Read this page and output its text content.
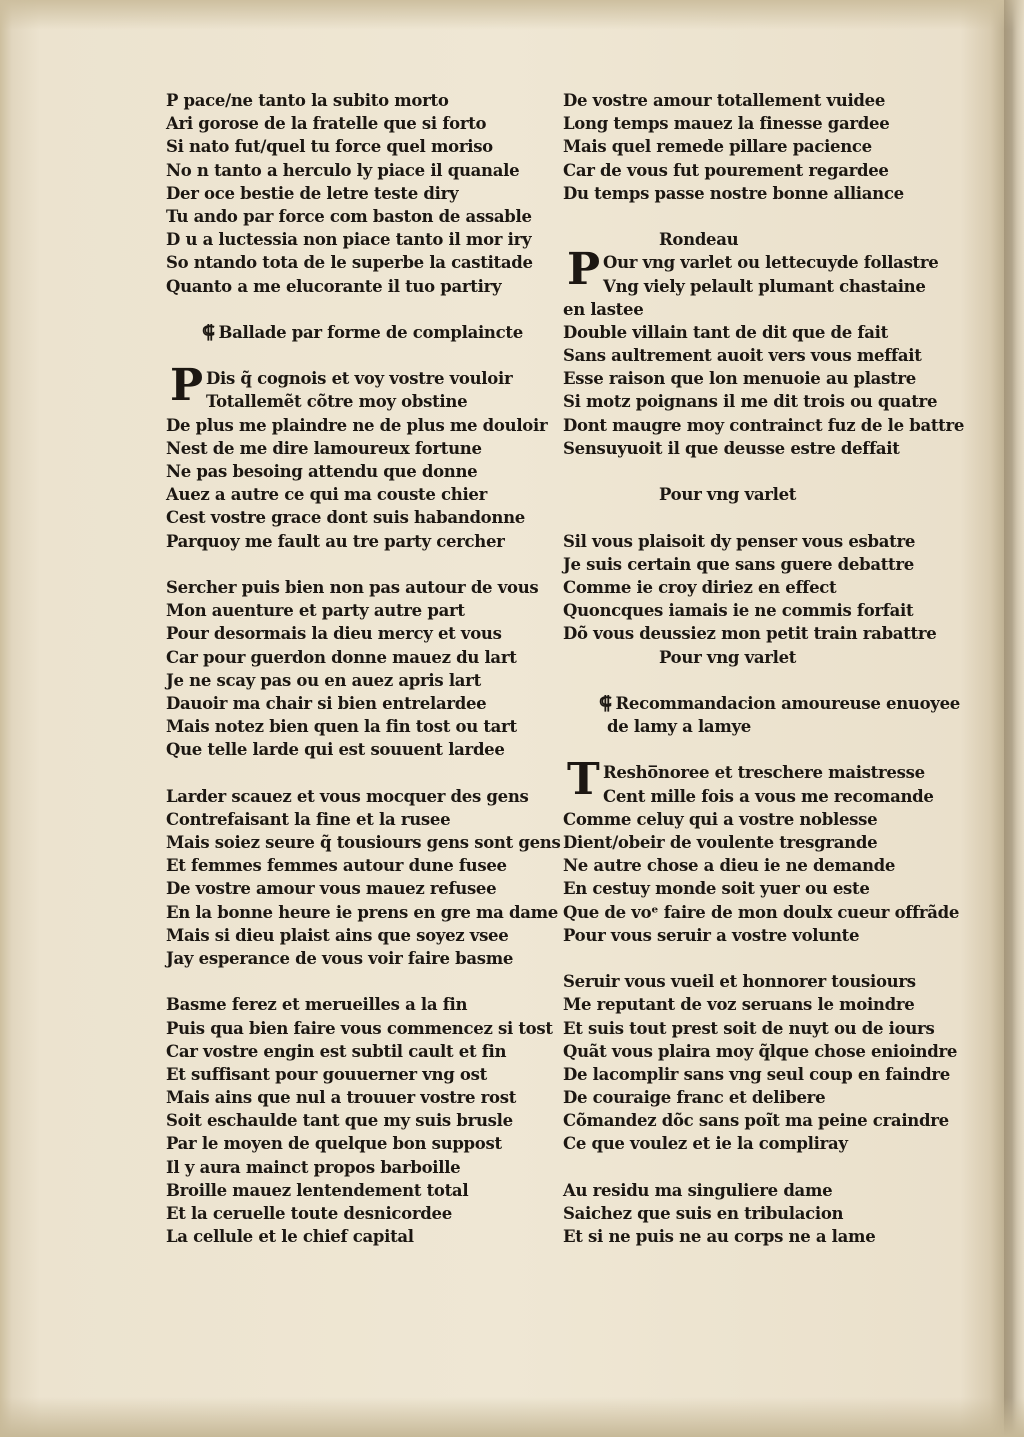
P pace/ne tanto la subito morto
Ari gorose de la fratelle que si forto
Si nato fut/quel tu force quel moriso
No n tanto a herculo ly piace il quanale
Der oce bestie de letre teste diry
Tu ando par force com baston de assable
D u a luctessia non piace tanto il mor iry
So ntando tota de le superbe la castitade
Quanto a me elucorante il tuo partiry
⸿ Ballade par forme de complaincte
P Dis q̃ cognois et voy vostre vouloir
Totallemẽt cõtre moy obstine
De plus me plaindre ne de plus me douloir
Nest de me dire lamoureux fortune
Ne pas besoing attendu que donne
Auez a autre ce qui ma couste chier
Cest vostre grace dont suis habandonne
Parquoy me fault au tre party cercher
Sercher puis bien non pas autour de vous
Mon auenture et party autre part
Pour desormais la dieu mercy et vous
Car pour guerdon donne mauez du lart
Je ne scay pas ou en auez apris lart
Dauoir ma chair si bien entrelardee
Mais notez bien quen la fin tost ou tart
Que telle larde qui est souuent lardee
Larder scauez et vous mocquer des gens
Contrefaisant la fine et la rusee
Mais soiez seure q̃ tousiours gens sont gens
Et femmes femmes autour dune fusee
De vostre amour vous mauez refusee
En la bonne heure ie prens en gre ma dame
Mais si dieu plaist ains que soyez vsee
Jay esperance de vous voir faire basme
Basme ferez et merueilles a la fin
Puis qua bien faire vous commencez si tost
Car vostre engin est subtil cault et fin
Et suffisant pour gouuerner vng ost
Mais ains que nul a trouuer vostre rost
Soit eschaulde tant que my suis brusle
Par le moyen de quelque bon suppost
Il y aura mainct propos barboille
Broille mauez lentendement total
Et la ceruelle toute desnicordee
La cellule et le chief capital
De vostre amour totallement vuidee
Long temps mauez la finesse gardee
Mais quel remede pillare pacience
Car de vous fut pourement regardee
Du temps passe nostre bonne alliance
Rondeau
P Our vng varlet ou lettecuyde follastre
Vng viely pelault plumant chastaine
en lastee
Double villain tant de dit que de fait
Sans aultrement auoit vers vous meffait
Esse raison que lon menuoie au plastre
Si motz poignans il me dit trois ou quatre
Dont maugre moy contrainct fuz de le battre
Sensuyuoit il que deusse estre deffait
Pour vng varlet
Sil vous plaisoit dy penser vous esbatre
Je suis certain que sans guere debattre
Comme ie croy diriez en effect
Quoncques iamais ie ne commis forfait
Dõ vous deussiez mon petit train rabattre
Pour vng varlet
⸿ Recommandacion amoureuse enuoyee
de lamy a lamye
T Resho̅noree et treschere maistresse
Cent mille fois a vous me recomande
Comme celuy qui a vostre noblesse
Dient/obeir de voulente tresgrande
Ne autre chose a dieu ie ne demande
En cestuy monde soit yuer ou este
Que de voᵉ faire de mon doulx cueur offrãde
Pour vous seruir a vostre volunte
Seruir vous vueil et honnorer tousiours
Me reputant de voz seruans le moindre
Et suis tout prest soit de nuyt ou de iours
Quãt vous plaira moy q̃lque chose enioindre
De lacomplir sans vng seul coup en faindre
De couraige franc et delibere
Cõmandez dõc sans poĩt ma peine craindre
Ce que voulez et ie la compliray
Au residu ma singuliere dame
Saichez que suis en tribulacion
Et si ne puis ne au corps ne a lame
